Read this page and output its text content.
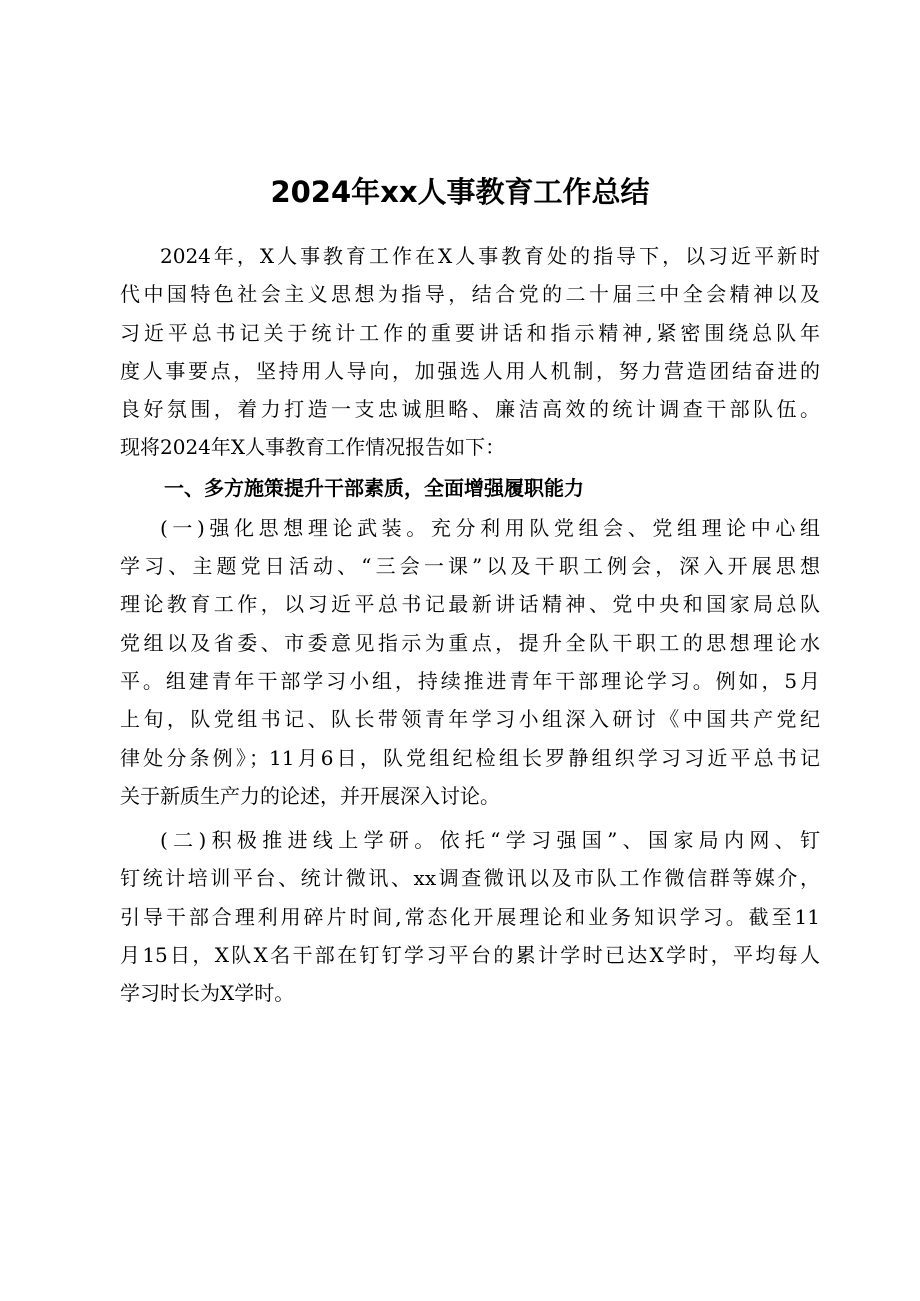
2024年xx人事教育工作总结
2024年，X人事教育工作在X人事教育处的指导下，以习近平新时
代中国特色社会主义思想为指导，结合党的二十届三中全会精神以及
习近平总书记关于统计工作的重要讲话和指示精神,紧密围绕总队年
度人事要点，坚持用人导向，加强选人用人机制，努力营造团结奋进的
良好氛围，着力打造一支忠诚胆略、廉洁高效的统计调查干部队伍。
现将2024年X人事教育工作情况报告如下：
一、多方施策提升干部素质，全面增强履职能力
(一)强化思想理论武装。充分利用队党组会、党组理论中心组
学习、主题党日活动、“三会一课”以及干职工例会，深入开展思想
理论教育工作，以习近平总书记最新讲话精神、党中央和国家局总队
党组以及省委、市委意见指示为重点，提升全队干职工的思想理论水
平。组建青年干部学习小组，持续推进青年干部理论学习。例如，5月
上旬，队党组书记、队长带领青年学习小组深入研讨《中国共产党纪
律处分条例》；11月6日，队党组纪检组长罗静组织学习习近平总书记
关于新质生产力的论述，并开展深入讨论。
(二)积极推进线上学研。依托“学习强国”、国家局内网、钉
钉统计培训平台、统计微讯、xx调查微讯以及市队工作微信群等媒介，
引导干部合理利用碎片时间,常态化开展理论和业务知识学习。截至11
月15日，X队X名干部在钉钉学习平台的累计学时已达X学时，平均每人
学习时长为X学时。
